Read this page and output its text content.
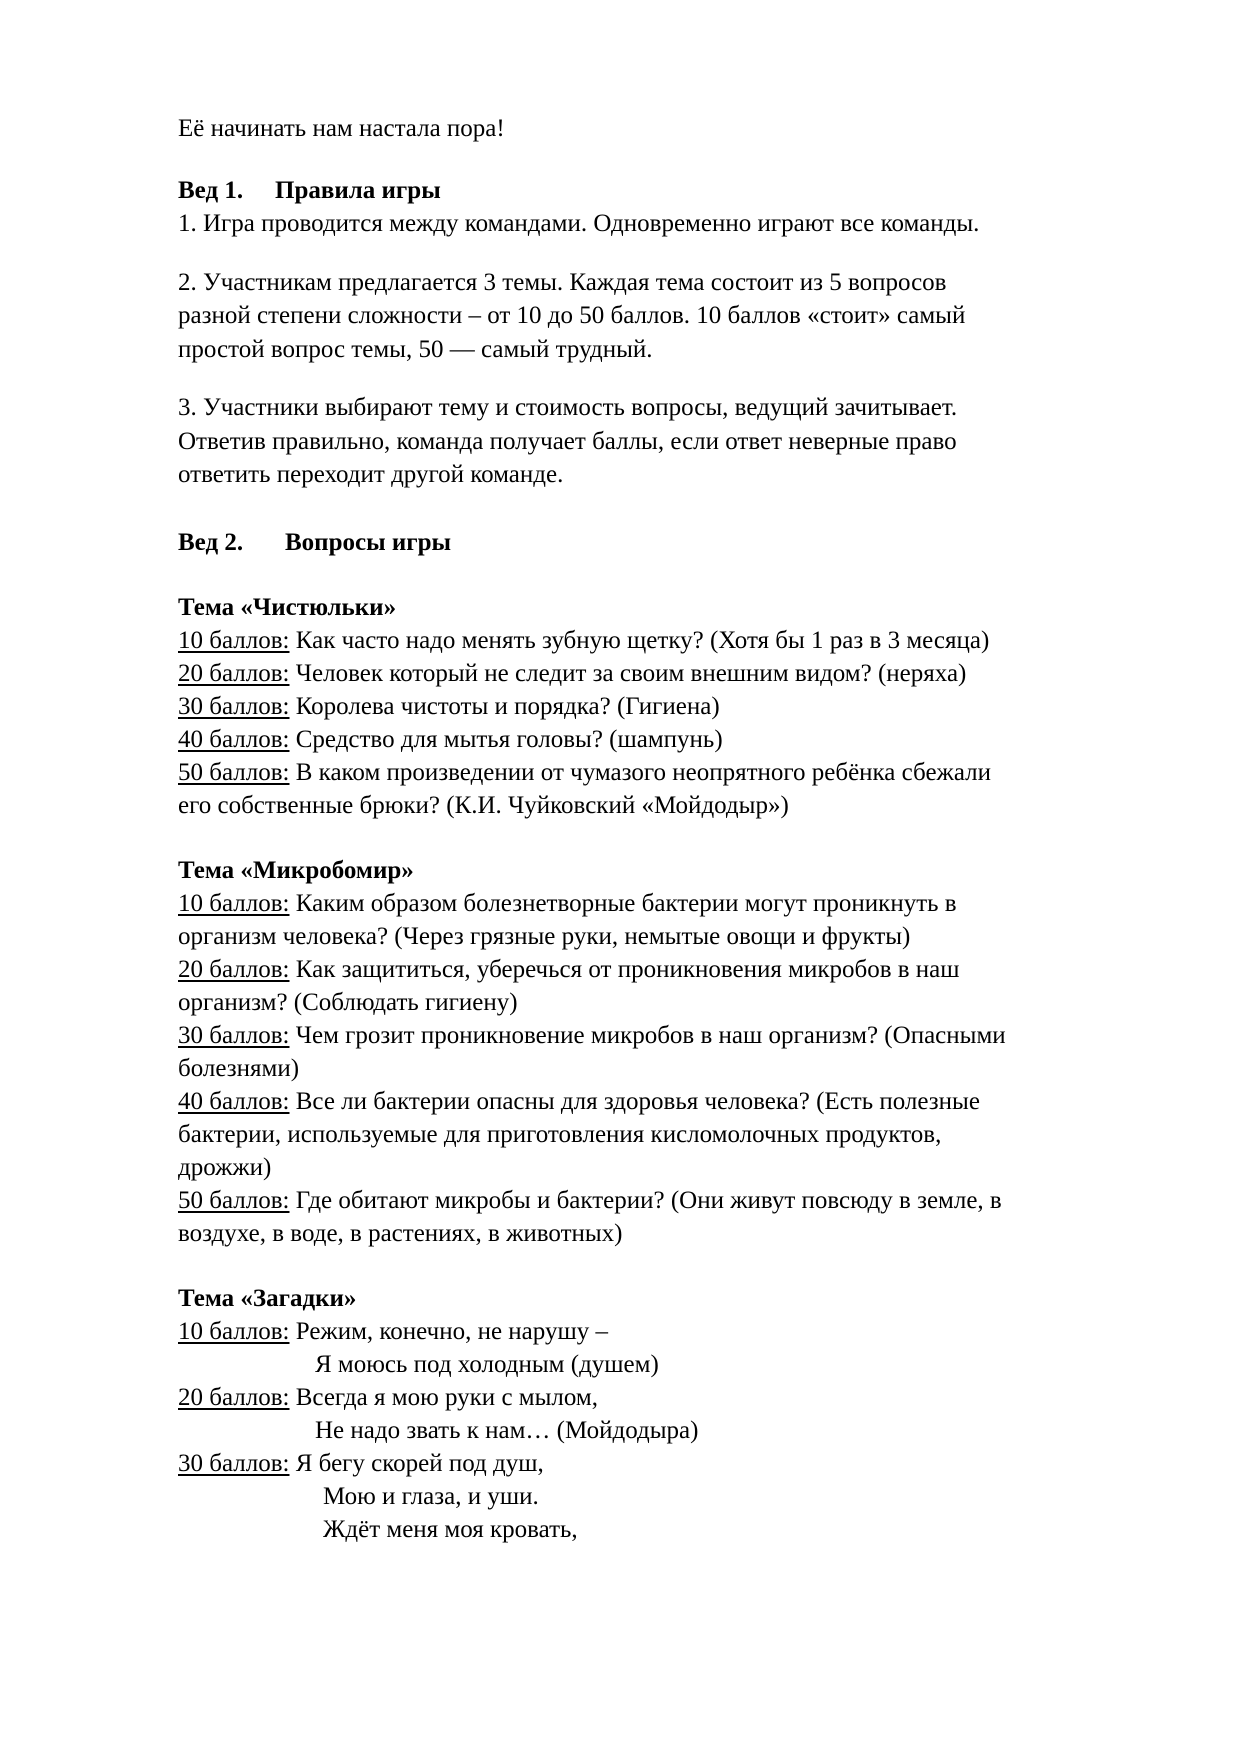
Её начинать нам настала пора!
Вед 1. Правила игры
1. Игра проводится между командами. Одновременно играют все команды.
2. Участникам предлагается 3 темы. Каждая тема состоит из 5 вопросов
разной степени сложности – от 10 до 50 баллов. 10 баллов «стоит» самый
простой вопрос темы, 50 — самый трудный.
3. Участники выбирают тему и стоимость вопросы, ведущий зачитывает.
Ответив правильно, команда получает баллы, если ответ неверные право
ответить переходит другой команде.
Вед 2. Вопросы игры
Тема «Чистюльки»
10 баллов: Как часто надо менять зубную щетку? (Хотя бы 1 раз в 3 месяца)
20 баллов: Человек который не следит за своим внешним видом? (неряха)
30 баллов: Королева чистоты и порядка? (Гигиена)
40 баллов: Средство для мытья головы? (шампунь)
50 баллов: В каком произведении от чумазого неопрятного ребёнка сбежали
его собственные брюки? (К.И. Чуйковский «Мойдодыр»)
Тема «Микробомир»
10 баллов: Каким образом болезнетворные бактерии могут проникнуть в
организм человека? (Через грязные руки, немытые овощи и фрукты)
20 баллов: Как защититься, уберечься от проникновения микробов в наш
организм? (Соблюдать гигиену)
30 баллов: Чем грозит проникновение микробов в наш организм? (Опасными
болезнями)
40 баллов: Все ли бактерии опасны для здоровья человека? (Есть полезные
бактерии, используемые для приготовления кисломолочных продуктов,
дрожжи)
50 баллов: Где обитают микробы и бактерии? (Они живут повсюду в земле, в
воздухе, в воде, в растениях, в животных)
Тема «Загадки»
10 баллов: Режим, конечно, не нарушу –
Я моюсь под холодным (душем)
20 баллов: Всегда я мою руки с мылом,
Не надо звать к нам… (Мойдодыра)
30 баллов: Я бегу скорей под душ,
Мою и глаза, и уши.
Ждёт меня моя кровать,
